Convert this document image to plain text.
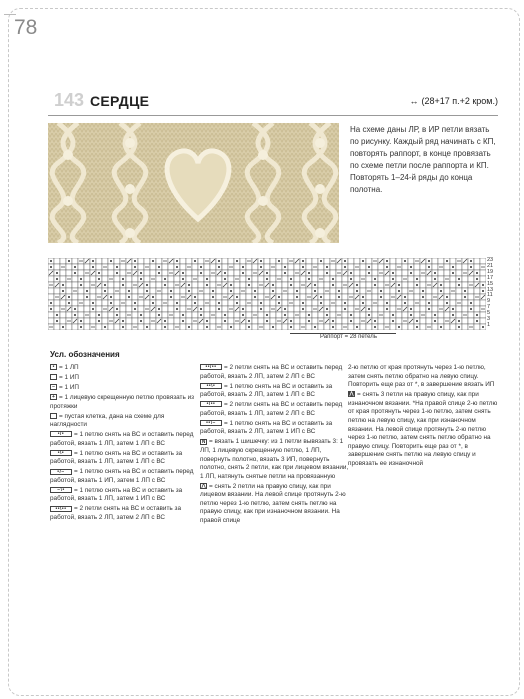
78
143 СЕРДЦЕ	↔ (28+17 п.+2 кром.)
На схеме даны ЛР, в ИР петли вязать по рисунку. Каждый ряд начинать с КП, повторять раппорт, в конце провязать по схеме петли после раппорта и КП. Повторять 1–24-й ряды до конца полотна.
23
21
19
17
15
13
11
9
7
5
3
1
Раппорт = 28 петель
Усл. обозначения
• = 1 ЛП
= 1 ИП
– = 1 ИП
+ = 1 лицевую скрещенную петлю провязать из протяжки
= пустая клетка, дана на схеме для наглядности
•/•	= 1 петлю снять на ВС и оставить перед работой, вязать 1 ЛП, затем 1 ЛП с ВС
•\•	= 1 петлю снять на ВС и оставить за работой, вязать 1 ЛП, затем 1 ЛП с ВС
•/–	= 1 петлю снять на ВС и оставить перед работой, вязать 1 ИП, затем 1 ЛП с ВС
–\•	= 1 петлю снять на ВС и оставить за работой, вязать 1 ЛП, затем 1 ИП с ВС
••\••	= 2 петли снять на ВС и оставить за работой, вязать 2 ЛП, затем 2 ЛП с ВС
••/••	= 2 петли снять на ВС и оставить перед работой, вязать 2 ЛП, затем 2 ЛП с ВС
••\•	= 1 петлю снять на ВС и оставить за работой, вязать 2 ЛП, затем 1 ЛП с ВС
•/••	= 2 петли снять на ВС и оставить перед работой, вязать 1 ЛП, затем 2 ЛП с ВС
••\–	= 1 петлю снять на ВС и оставить за работой, вязать 2 ЛП, затем 1 ИП с ВС
N = вязать 1 шишечку: из 1 петли вывязать 3: 1 ЛП, 1 лицевую скрещенную петлю, 1 ЛП, повернуть полотно, вязать 3 ИП, повернуть полотно, снять 2 петли, как при лицевом вязании, 1 ЛП, натянуть снятые петли на провязанную
⋀ = снять 2 петли на правую спицу, как при лицевом вязании. На левой спице протянуть 2-ю петлю через 1-ю петлю, затем снять петлю на правую спицу, как при изнаночном вязании. На правой спице
2-ю петлю от края протянуть через 1-ю петлю, затем снять петлю обратно на левую спицу. Повторить еще раз от *, в завершение вязать ИП
⋀ = снять 3 петли на правую спицу, как при изнаночном вязании. *На правой спице 2-ю петлю от края протянуть через 1-ю петлю, затем снять петлю на левую спицу, как при изнаночном вязании. На левой спице протянуть 2-ю петлю через 1-ю петлю, затем снять петлю обратно на правую спицу. Повторить еще раз от *, в завершение снять петлю на левую спицу и провязать ее изнаночной
